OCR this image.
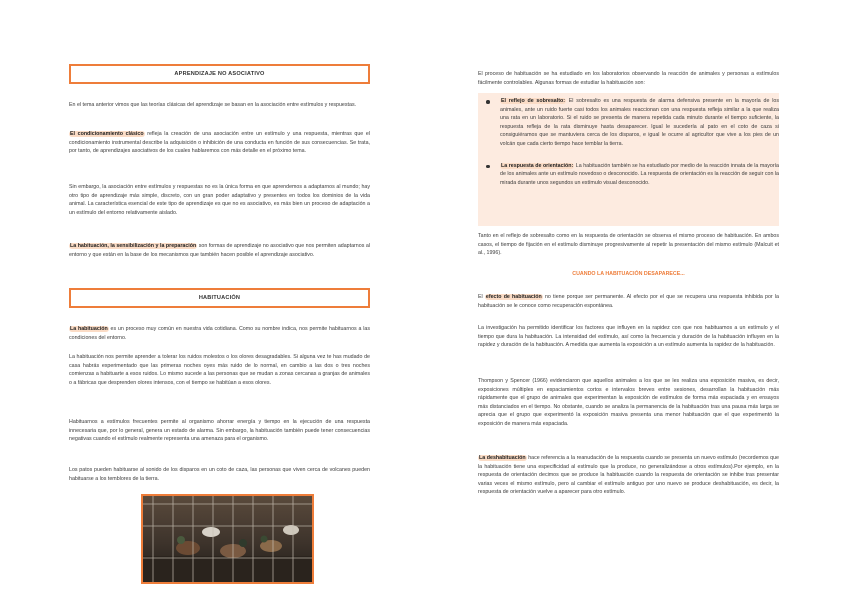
APRENDIZAJE NO ASOCIATIVO

En el tema anterior vimos que las teorías clásicas del aprendizaje se basan en la asociación entre estímulos y respuestas.

El condicionamiento clásico refleja la creación de una asociación entre un estímulo y una respuesta, mientras que el condicionamiento instrumental describe la adquisición o inhibición de una conducta en función de sus consecuencias. Se trata, por tanto, de aprendizajes asociativos de los cuales hablaremos con más detalle en el próximo tema.

Sin embargo, la asociación entre estímulos y respuestas no es la única forma en que aprendemos a adaptarnos al mundo; hay otro tipo de aprendizaje más simple, discreto, con un gran poder adaptativo y presentes en todos los dominios de la vida animal. La característica esencial de este tipo de aprendizaje es que no es asociativo, es más bien un proceso de adaptación a un estímulo del entorno relativamente aislado.

La habituación, la sensibilización y la preparación son formas de aprendizaje no asociativo que nos permiten adaptarnos al entorno y que están en la base de los mecanismos que también hacen posible el aprendizaje asociativo.

HABITUACIÓN

La habituación es un proceso muy común en nuestra vida cotidiana. Como su nombre indica, nos permite habituarnos a las condiciones del entorno.

La habituación nos permite aprender a tolerar los ruidos molestos o los olores desagradables. Si alguna vez te has mudado de casa habrás experimentado que las primeras noches oyes más ruido de lo normal, en cambio a las dos o tres noches comienzas a habituarte a esos ruidos. Lo mismo sucede a las personas que se mudan a zonas cercanas a granjas de animales o a fábricas que desprenden olores intensos, con el tiempo se habitúan a esos olores.

Habituarnos a estímulos frecuentes permite al organismo ahorrar energía y tiempo en la ejecución de una respuesta innecesaria que, por lo general, genera un estado de alarma. Sin embargo, la habituación también puede tener consecuencias negativas cuando el estímulo realmente representa una amenaza para el organismo.

Los patos pueden habituarse al sonido de los disparos en un coto de caza, las personas que viven cerca de volcanes pueden habituarse a los temblores de la tierra.

El proceso de habituación se ha estudiado en los laboratorios observando la reacción de animales y personas a estímulos fácilmente controlables. Algunas formas de estudiar la habituación son:

El reflejo de sobresalto: El sobresalto es una respuesta de alarma defensiva presente en la mayoría de los animales, ante un ruido fuerte casi todos los animales reaccionan con una respuesta refleja similar a la que realiza una rata en un laboratorio. Si el ruido se presenta de manera repetida cada minuto durante el tiempo suficiente, la respuesta refleja de la rata disminuye hasta desaparecer. Igual le sucedería al pato en el coto de caza si consiguiéramos que se mantuviera cerca de los disparos, e igual le ocurre al agricultor que vive a los pies de un volcán que cada cierto tiempo hace temblar la tierra.
La respuesta de orientación: La habituación también se ha estudiado por medio de la reacción innata de la mayoría de los animales ante un estímulo novedoso o desconocido. La respuesta de orientación es la reacción de seguir con la mirada durante unos segundos un estímulo visual desconocido.

Tanto en el reflejo de sobresalto como en la respuesta de orientación se observa el mismo proceso de habituación. En ambos casos, el tiempo de fijación en el estímulo disminuye progresivamente al repetir la presentación del mismo estímulo (Malcuit et al., 1996).

CUANDO LA HABITUACIÓN DESAPARECE...

El efecto de habituación no tiene porque ser permanente. Al efecto por el que se recupera una respuesta inhibida por la habituación se le conoce como recuperación espontánea.

La investigación ha permitido identificar los factores que influyen en la rapidez con que nos habituamos a un estímulo y el tiempo que dura la habituación. La intensidad del estímulo, así como la frecuencia y duración de la habituación influyen en la rapidez y duración de la habituación. A medida que aumenta la exposición a un estímulo aumenta la rapidez de la habituación.

Thompson y Spencer (1966) evidenciaron que aquellos animales a los que se les realiza una exposición masiva, es decir, exposiciones múltiples en espaciamientos cortos e intervalos breves entre sesiones, desarrollan la habituación más rápidamente que el grupo de animales que experimentan la exposición de estímulos de forma más espaciada y en ensayos más distanciados en el tiempo. No obstante, cuando se analiza la permanencia de la habituación tras una pausa más larga se aprecia que el grupo que experimentó la exposición masiva presenta una menor habituación que el que experimentó la exposición de manera más espaciada.

La deshabituación hace referencia a la reanudación de la respuesta cuando se presenta un nuevo estímulo (recordemos que la habituación tiene una especificidad al estímulo que la produce, no generalizándose a otros estímulos).Por ejemplo, en la respuesta de orientación decimos que se produce la habituación cuando la respuesta de orientación se inhibe tras presentar varias veces el mismo estímulo, pero al cambiar el estímulo antiguo por uno nuevo se produce deshabituación, es decir, la respuesta de orientación vuelve a aparecer para otro estímulo.
